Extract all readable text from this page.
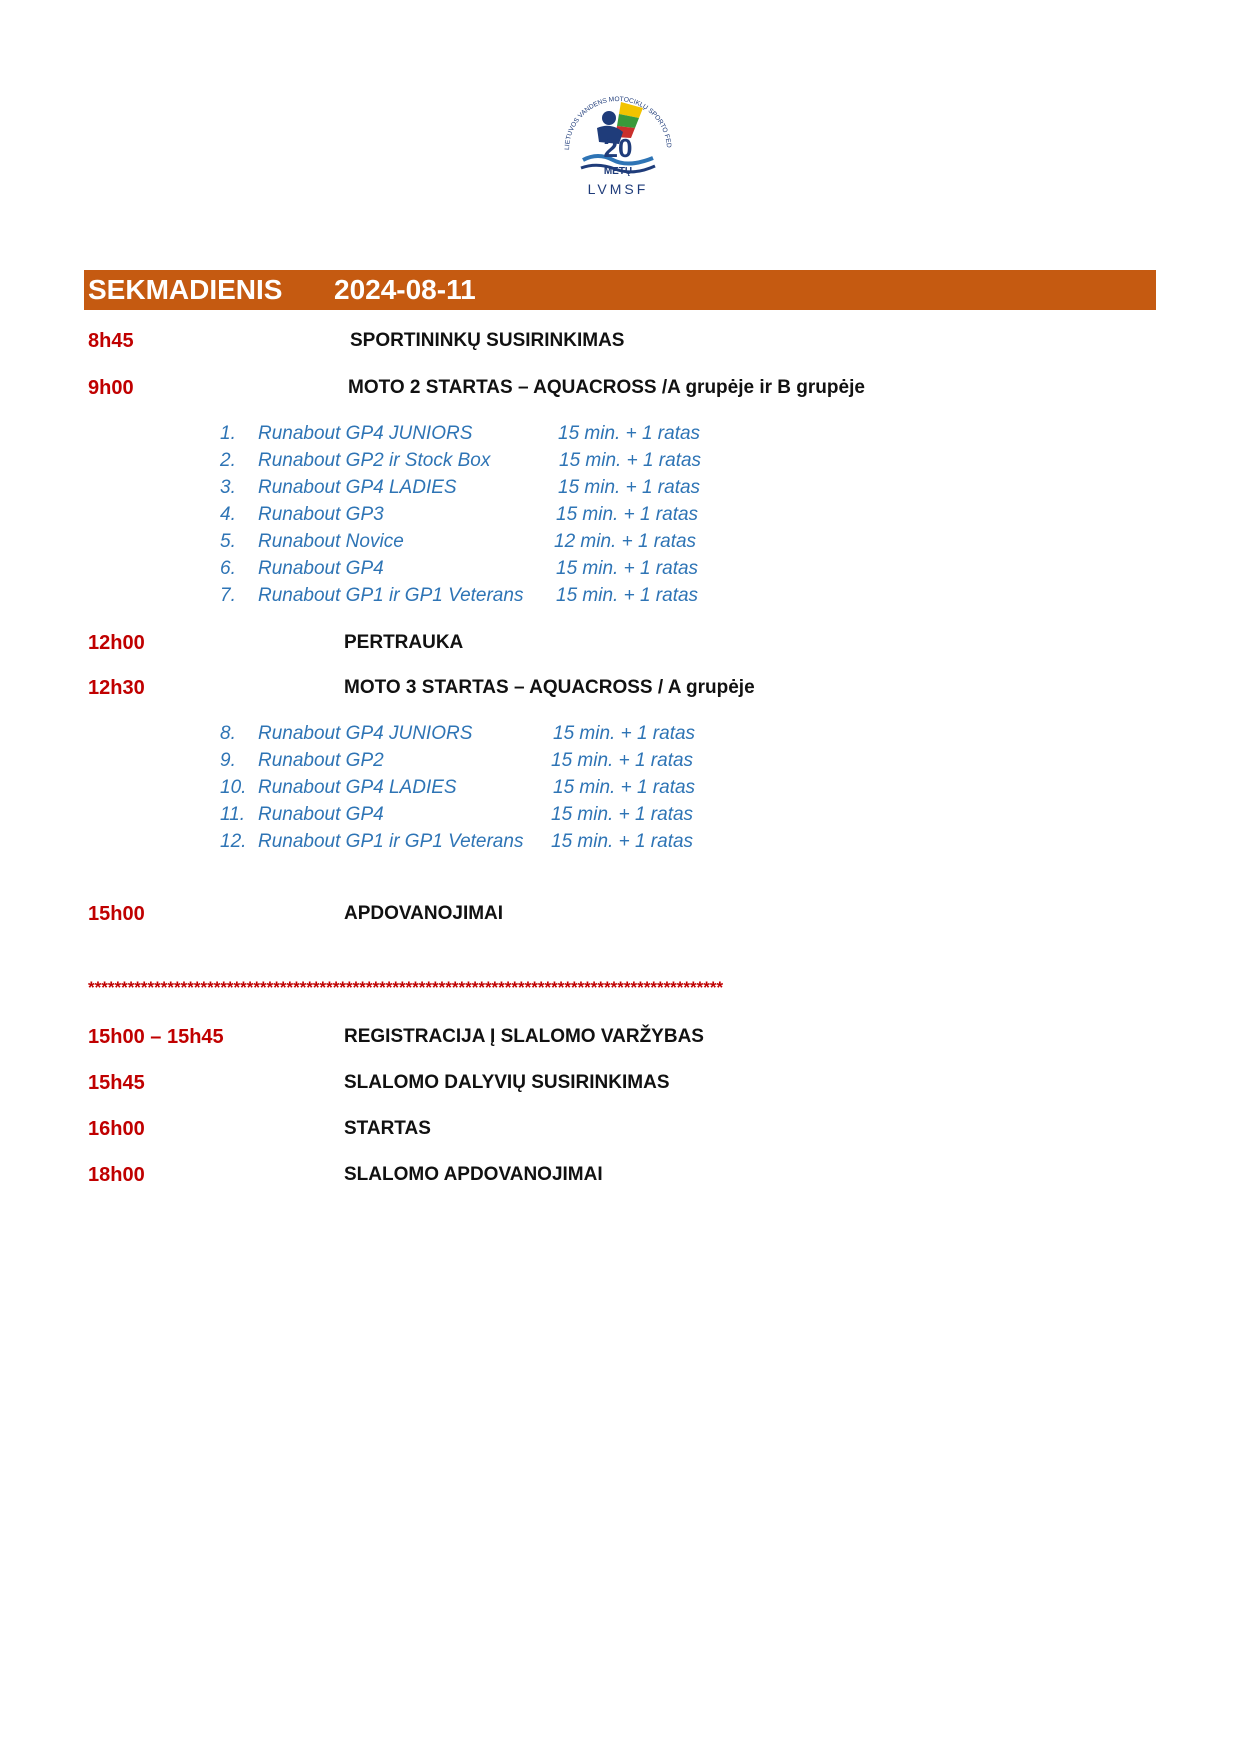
20
METŲ
LVMSF
LIETUVOS VANDENS MOTOCIKLŲ SPORTO FED
SEKMADIENIS 2024-08-11
8h45	SPORTININKŲ SUSIRINKIMAS
9h00	MOTO 2 STARTAS – AQUACROSS /A grupėje ir B grupėje
1. Runabout GP4 JUNIORS	15 min. + 1 ratas
2. Runabout GP2 ir Stock Box	15 min. + 1 ratas
3. Runabout GP4 LADIES	15 min. + 1 ratas
4. Runabout GP3	15 min. + 1 ratas
5. Runabout Novice	12 min. + 1 ratas
6. Runabout GP4	15 min. + 1 ratas
7. Runabout GP1 ir GP1 Veterans 15 min. + 1 ratas
12h00	PERTRAUKA
12h30	MOTO 3 STARTAS – AQUACROSS / A grupėje
8. Runabout GP4 JUNIORS	15 min. + 1 ratas
9. Runabout GP2	15 min. + 1 ratas
10. Runabout GP4 LADIES	15 min. + 1 ratas
11. Runabout GP4	15 min. + 1 ratas
12. Runabout GP1 ir GP1 Veterans 15 min. + 1 ratas
15h00	APDOVANOJIMAI
************************************************************************************************
15h00 – 15h45	REGISTRACIJA Į SLALOMO VARŽYBAS
15h45	SLALOMO DALYVIŲ SUSIRINKIMAS
16h00	STARTAS
18h00	SLALOMO APDOVANOJIMAI
